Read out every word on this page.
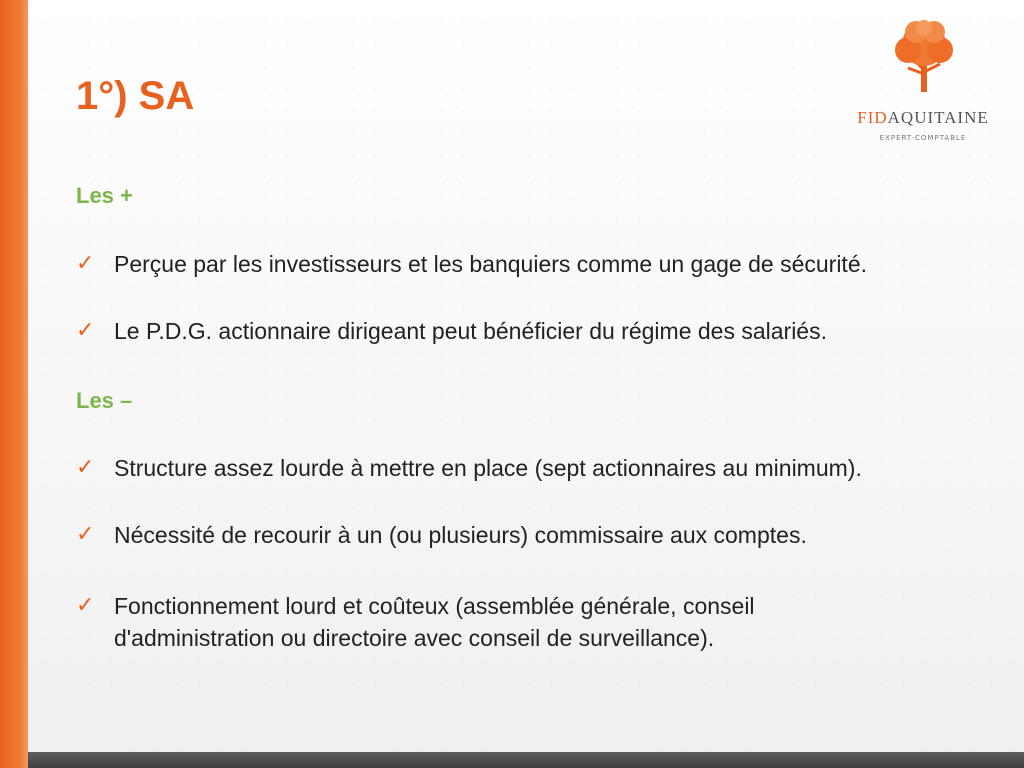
1°) SA	FIDAQUITAINE
EXPERT-COMPTABLE

Les +

✓ Perçue par les investisseurs et les banquiers comme un gage de sécurité.
✓ Le P.D.G. actionnaire dirigeant peut bénéficier du régime des salariés.

Les –

✓ Structure assez lourde à mettre en place (sept actionnaires au minimum).
✓ Nécessité de recourir à un (ou plusieurs) commissaire aux comptes.
✓ Fonctionnement lourd et coûteux (assemblée générale, conseil d'administration ou directoire avec conseil de surveillance).
